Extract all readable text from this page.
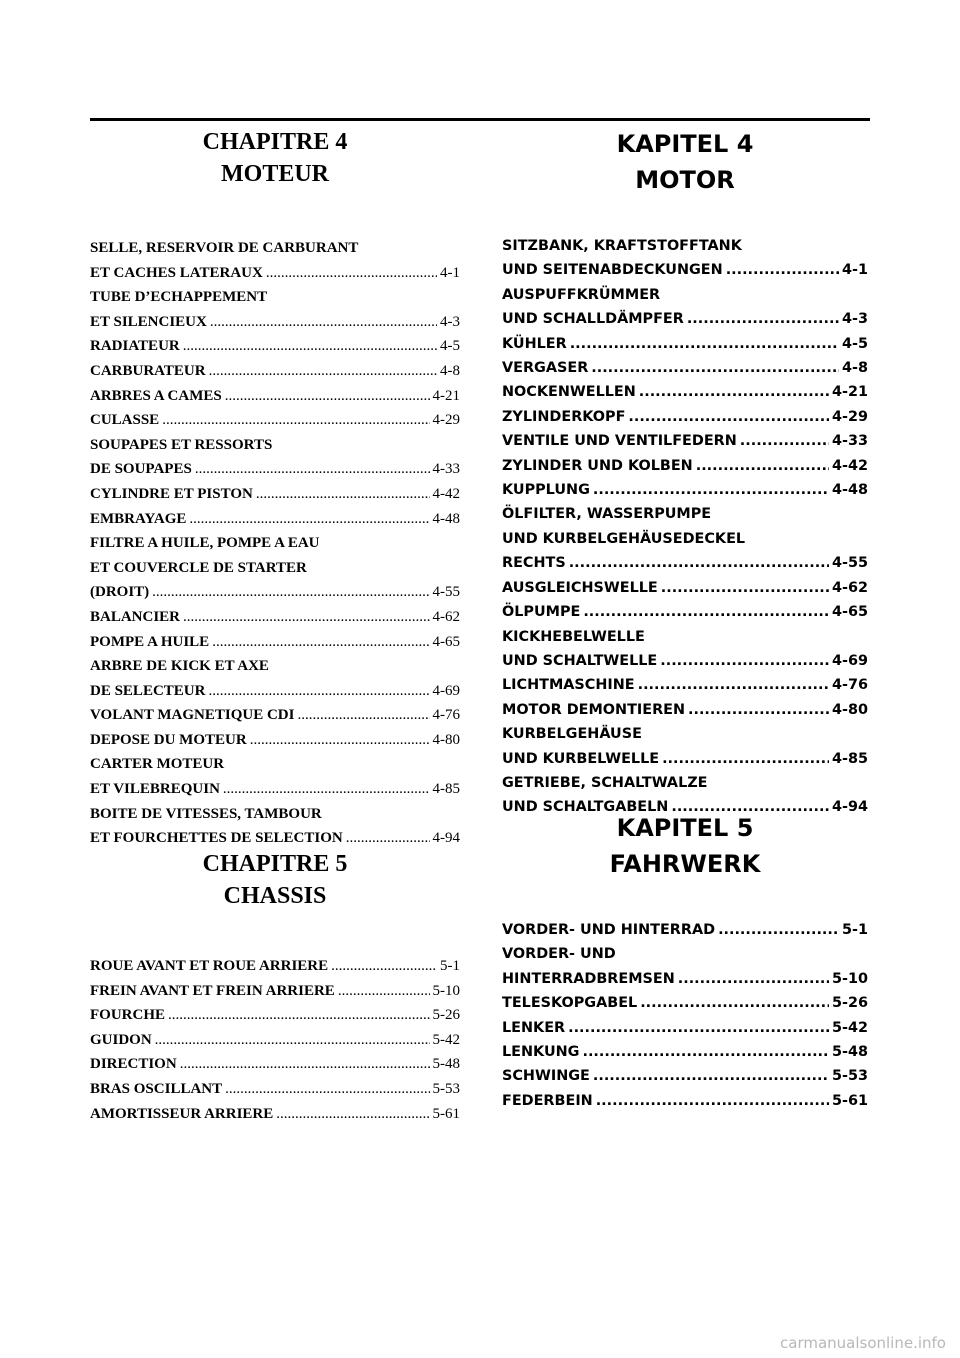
CHAPITRE 4
MOTEUR
SELLE, RESERVOIR DE CARBURANT
ET CACHES LATERAUX .....	4-1
TUBE D’ECHAPPEMENT
ET SILENCIEUX .....	4-3
RADIATEUR .....	4-5
CARBURATEUR .....	4-8
ARBRES A CAMES .....	4-21
CULASSE .....	4-29
SOUPAPES ET RESSORTS
DE SOUPAPES .....	4-33
CYLINDRE ET PISTON .....	4-42
EMBRAYAGE .....	4-48
FILTRE A HUILE, POMPE A EAU
ET COUVERCLE DE STARTER
(DROIT) .....	4-55
BALANCIER .....	4-62
POMPE A HUILE .....	4-65
ARBRE DE KICK ET AXE
DE SELECTEUR .....	4-69
VOLANT MAGNETIQUE CDI .....	4-76
DEPOSE DU MOTEUR .....	4-80
CARTER MOTEUR
ET VILEBREQUIN .....	4-85
BOITE DE VITESSES, TAMBOUR
ET FOURCHETTES DE SELECTION .....	4-94
CHAPITRE 5
CHASSIS
ROUE AVANT ET ROUE ARRIERE .....	5-1
FREIN AVANT ET FREIN ARRIERE .....	5-10
FOURCHE .....	5-26
GUIDON .....	5-42
DIRECTION .....	5-48
BRAS OSCILLANT .....	5-53
AMORTISSEUR ARRIERE .....	5-61
KAPITEL 4
MOTOR
SITZBANK, KRAFTSTOFFTANK
UND SEITENABDECKUNGEN .....	4-1
AUSPUFFKRÜMMER
UND SCHALLDÄMPFER .....	4-3
KÜHLER .....	4-5
VERGASER .....	4-8
NOCKENWELLEN .....	4-21
ZYLINDERKOPF .....	4-29
VENTILE UND VENTILFEDERN .....	4-33
ZYLINDER UND KOLBEN .....	4-42
KUPPLUNG .....	4-48
ÖLFILTER, WASSERPUMPE
UND KURBELGEHÄUSEDECKEL
RECHTS .....	4-55
AUSGLEICHSWELLE .....	4-62
ÖLPUMPE .....	4-65
KICKHEBELWELLE
UND SCHALTWELLE .....	4-69
LICHTMASCHINE .....	4-76
MOTOR DEMONTIEREN .....	4-80
KURBELGEHÄUSE
UND KURBELWELLE .....	4-85
GETRIEBE, SCHALTWALZE
UND SCHALTGABELN .....	4-94
KAPITEL 5
FAHRWERK
VORDER- UND HINTERRAD .....	5-1
VORDER- UND
HINTERRADBREMSEN .....	5-10
TELESKOPGABEL .....	5-26
LENKER .....	5-42
LENKUNG .....	5-48
SCHWINGE .....	5-53
FEDERBEIN .....	5-61
carmanualsonline.info
